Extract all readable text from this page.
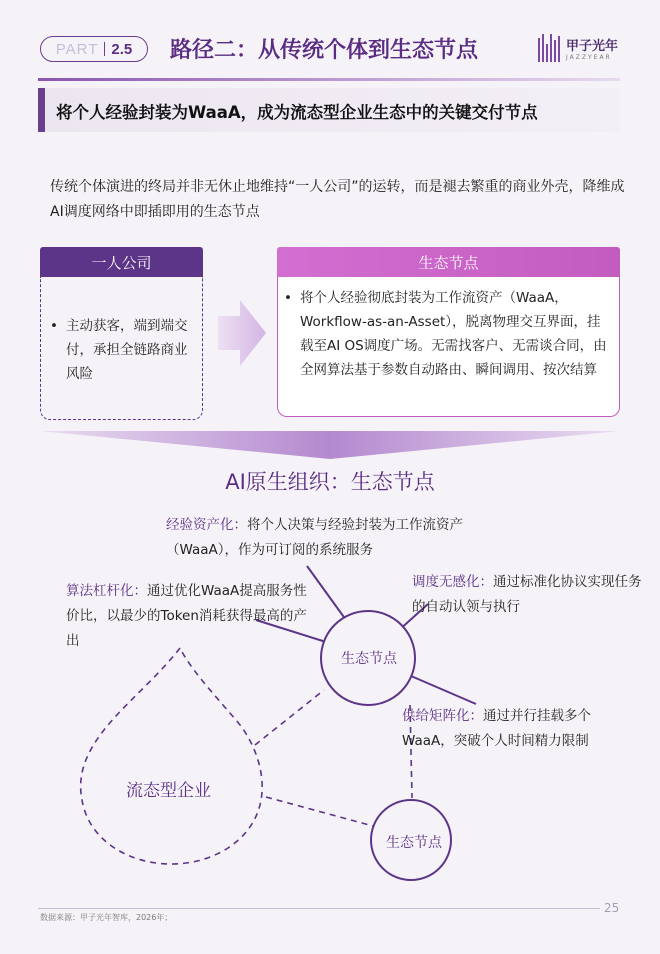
PART 2.5 路径二：从传统个体到生态节点	甲子光年
JAZZYEAR
将个人经验封装为WaaA，成为流态型企业生态中的关键交付节点
传统个体演进的终局并非无休止地维持“一人公司”的运转，而是褪去繁重的商业外壳，降维成AI调度网络中即插即用的生态节点
一人公司
• 主动获客，端到端交付，承担全链路商业风险
生态节点
• 将个人经验彻底封装为工作流资产（WaaA，Workflow-as-an-Asset），脱离物理交互界面，挂载至AI OS调度广场。无需找客户、无需谈合同，由全网算法基于参数自动路由、瞬间调用、按次结算
AI原生组织：生态节点
流态型企业
生态节点
生态节点
经验资产化：将个人决策与经验封装为工作流资产（WaaA），作为可订阅的系统服务
算法杠杆化：通过优化WaaA提高服务性价比，以最少的Token消耗获得最高的产出
调度无感化：通过标准化协议实现任务的自动认领与执行
供给矩阵化：通过并行挂载多个WaaA，突破个人时间精力限制
数据来源：甲子光年智库，2026年；
25
